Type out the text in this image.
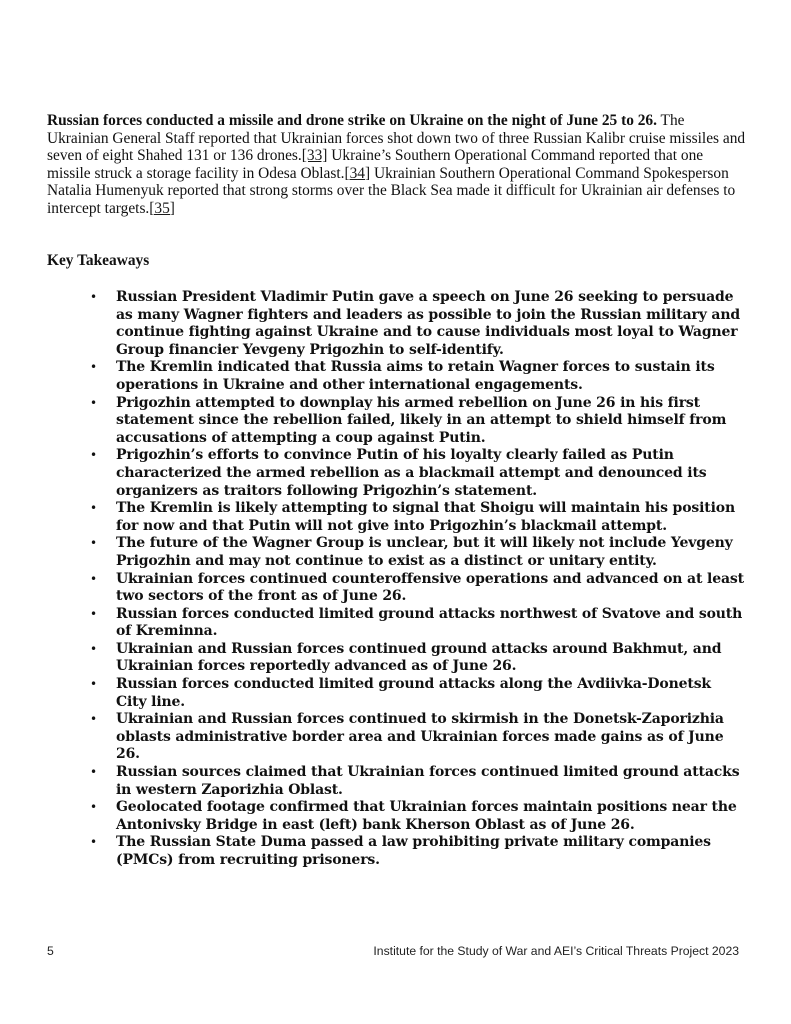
Russian forces conducted a missile and drone strike on Ukraine on the night of June 25 to 26. The Ukrainian General Staff reported that Ukrainian forces shot down two of three Russian Kalibr cruise missiles and seven of eight Shahed 131 or 136 drones.[33] Ukraine’s Southern Operational Command reported that one missile struck a storage facility in Odesa Oblast.[34] Ukrainian Southern Operational Command Spokesperson Natalia Humenyuk reported that strong storms over the Black Sea made it difficult for Ukrainian air defenses to intercept targets.[35]

Key Takeaways

• Russian President Vladimir Putin gave a speech on June 26 seeking to persuade as many Wagner fighters and leaders as possible to join the Russian military and continue fighting against Ukraine and to cause individuals most loyal to Wagner Group financier Yevgeny Prigozhin to self-identify.
• The Kremlin indicated that Russia aims to retain Wagner forces to sustain its operations in Ukraine and other international engagements.
• Prigozhin attempted to downplay his armed rebellion on June 26 in his first statement since the rebellion failed, likely in an attempt to shield himself from accusations of attempting a coup against Putin.
• Prigozhin’s efforts to convince Putin of his loyalty clearly failed as Putin characterized the armed rebellion as a blackmail attempt and denounced its organizers as traitors following Prigozhin’s statement.
• The Kremlin is likely attempting to signal that Shoigu will maintain his position for now and that Putin will not give into Prigozhin’s blackmail attempt.
• The future of the Wagner Group is unclear, but it will likely not include Yevgeny Prigozhin and may not continue to exist as a distinct or unitary entity.
• Ukrainian forces continued counteroffensive operations and advanced on at least two sectors of the front as of June 26.
• Russian forces conducted limited ground attacks northwest of Svatove and south of Kreminna.
• Ukrainian and Russian forces continued ground attacks around Bakhmut, and Ukrainian forces reportedly advanced as of June 26.
• Russian forces conducted limited ground attacks along the Avdiivka-Donetsk City line.
• Ukrainian and Russian forces continued to skirmish in the Donetsk-Zaporizhia oblasts administrative border area and Ukrainian forces made gains as of June 26.
• Russian sources claimed that Ukrainian forces continued limited ground attacks in western Zaporizhia Oblast.
• Geolocated footage confirmed that Ukrainian forces maintain positions near the Antonivsky Bridge in east (left) bank Kherson Oblast as of June 26.
• The Russian State Duma passed a law prohibiting private military companies (PMCs) from recruiting prisoners.
5	Institute for the Study of War and AEI’s Critical Threats Project 2023
